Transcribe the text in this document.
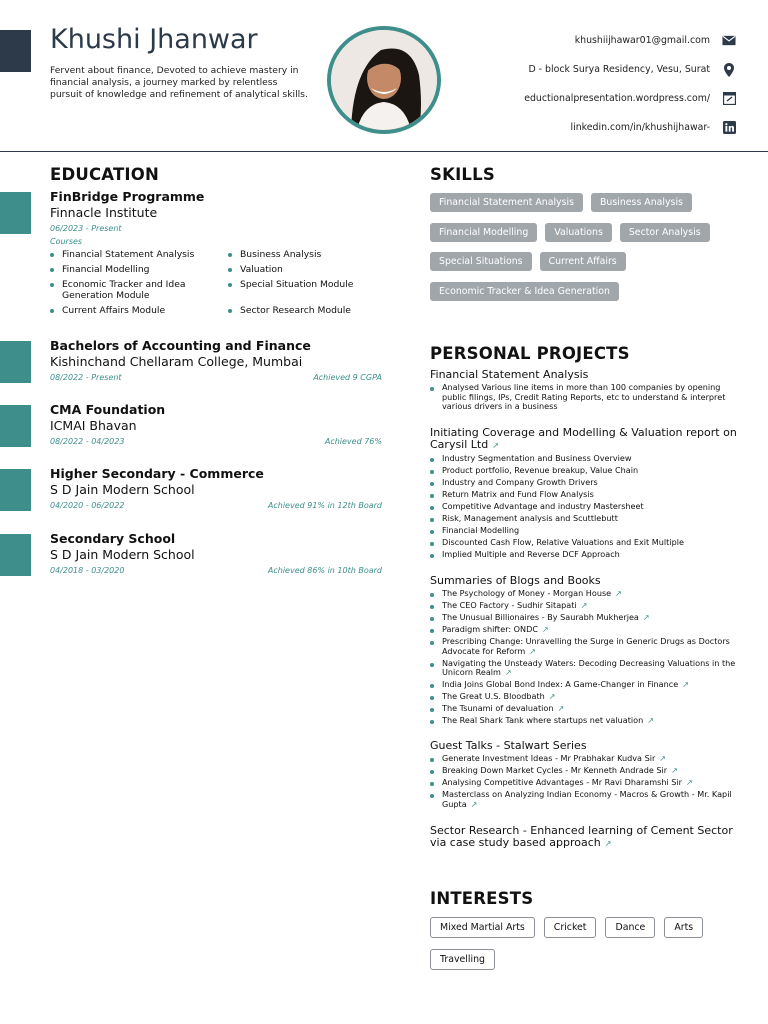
Khushi Jhanwar

Fervent about finance, Devoted to achieve mastery in financial analysis, a journey marked by relentless pursuit of knowledge and refinement of analytical skills.

khushiijhawar01@gmail.com
D - block Surya Residency, Vesu, Surat
eductionalpresentation.wordpress.com/
linkedin.com/in/khushijhawar-
EDUCATION
FinBridge Programme
Finnacle Institute
06/2023 - Present
Courses
Financial Statement Analysis	Business Analysis
Financial Modelling	Valuation
Economic Tracker and Idea Generation Module
Special Situation Module
Current Affairs Module	Sector Research Module
Bachelors of Accounting and Finance
Kishinchand Chellaram College, Mumbai
08/2022 - Present	Achieved 9 CGPA
CMA Foundation
ICMAI Bhavan
08/2022 - 04/2023	Achieved 76%
Higher Secondary - Commerce
S D Jain Modern School
04/2020 - 06/2022	Achieved 91% in 12th Board
Secondary School
S D Jain Modern School
04/2018 - 03/2020	Achieved 86% in 10th Board
SKILLS
Financial Statement Analysis	Business Analysis
Financial Modelling	Valuations	Sector Analysis
Special Situations	Current Affairs
Economic Tracker & Idea Generation
PERSONAL PROJECTS
Financial Statement Analysis
Analysed Various line items in more than 100 companies by opening public filings, IPs, Credit Rating Reports, etc to understand & interpret various drivers in a business
Initiating Coverage and Modelling & Valuation report on Carysil Ltd ↗
Industry Segmentation and Business Overview
Product portfolio, Revenue breakup, Value Chain
Industry and Company Growth Drivers
Return Matrix and Fund Flow Analysis
Competitive Advantage and industry Mastersheet
Risk, Management analysis and Scuttlebutt
Financial Modelling
Discounted Cash Flow, Relative Valuations and Exit Multiple
Implied Multiple and Reverse DCF Approach
Summaries of Blogs and Books
The Psychology of Money - Morgan House ↗
The CEO Factory - Sudhir Sitapati ↗
The Unusual Billionaires - By Saurabh Mukherjea ↗
Paradigm shifter: ONDC ↗
Prescribing Change: Unravelling the Surge in Generic Drugs as Doctors Advocate for Reform ↗
Navigating the Unsteady Waters: Decoding Decreasing Valuations in the Unicorn Realm ↗
India Joins Global Bond Index: A Game-Changer in Finance ↗
The Great U.S. Bloodbath ↗
The Tsunami of devaluation ↗
The Real Shark Tank where startups net valuation ↗
Guest Talks - Stalwart Series
Generate Investment Ideas - Mr Prabhakar Kudva Sir ↗
Breaking Down Market Cycles - Mr Kenneth Andrade Sir ↗
Analysing Competitive Advantages - Mr Ravi Dharamshi Sir ↗
Masterclass on Analyzing Indian Economy - Macros & Growth - Mr. Kapil Gupta ↗
Sector Research - Enhanced learning of Cement Sector via case study based approach ↗
INTERESTS
Mixed Martial Arts	Cricket	Dance	Arts
Travelling
